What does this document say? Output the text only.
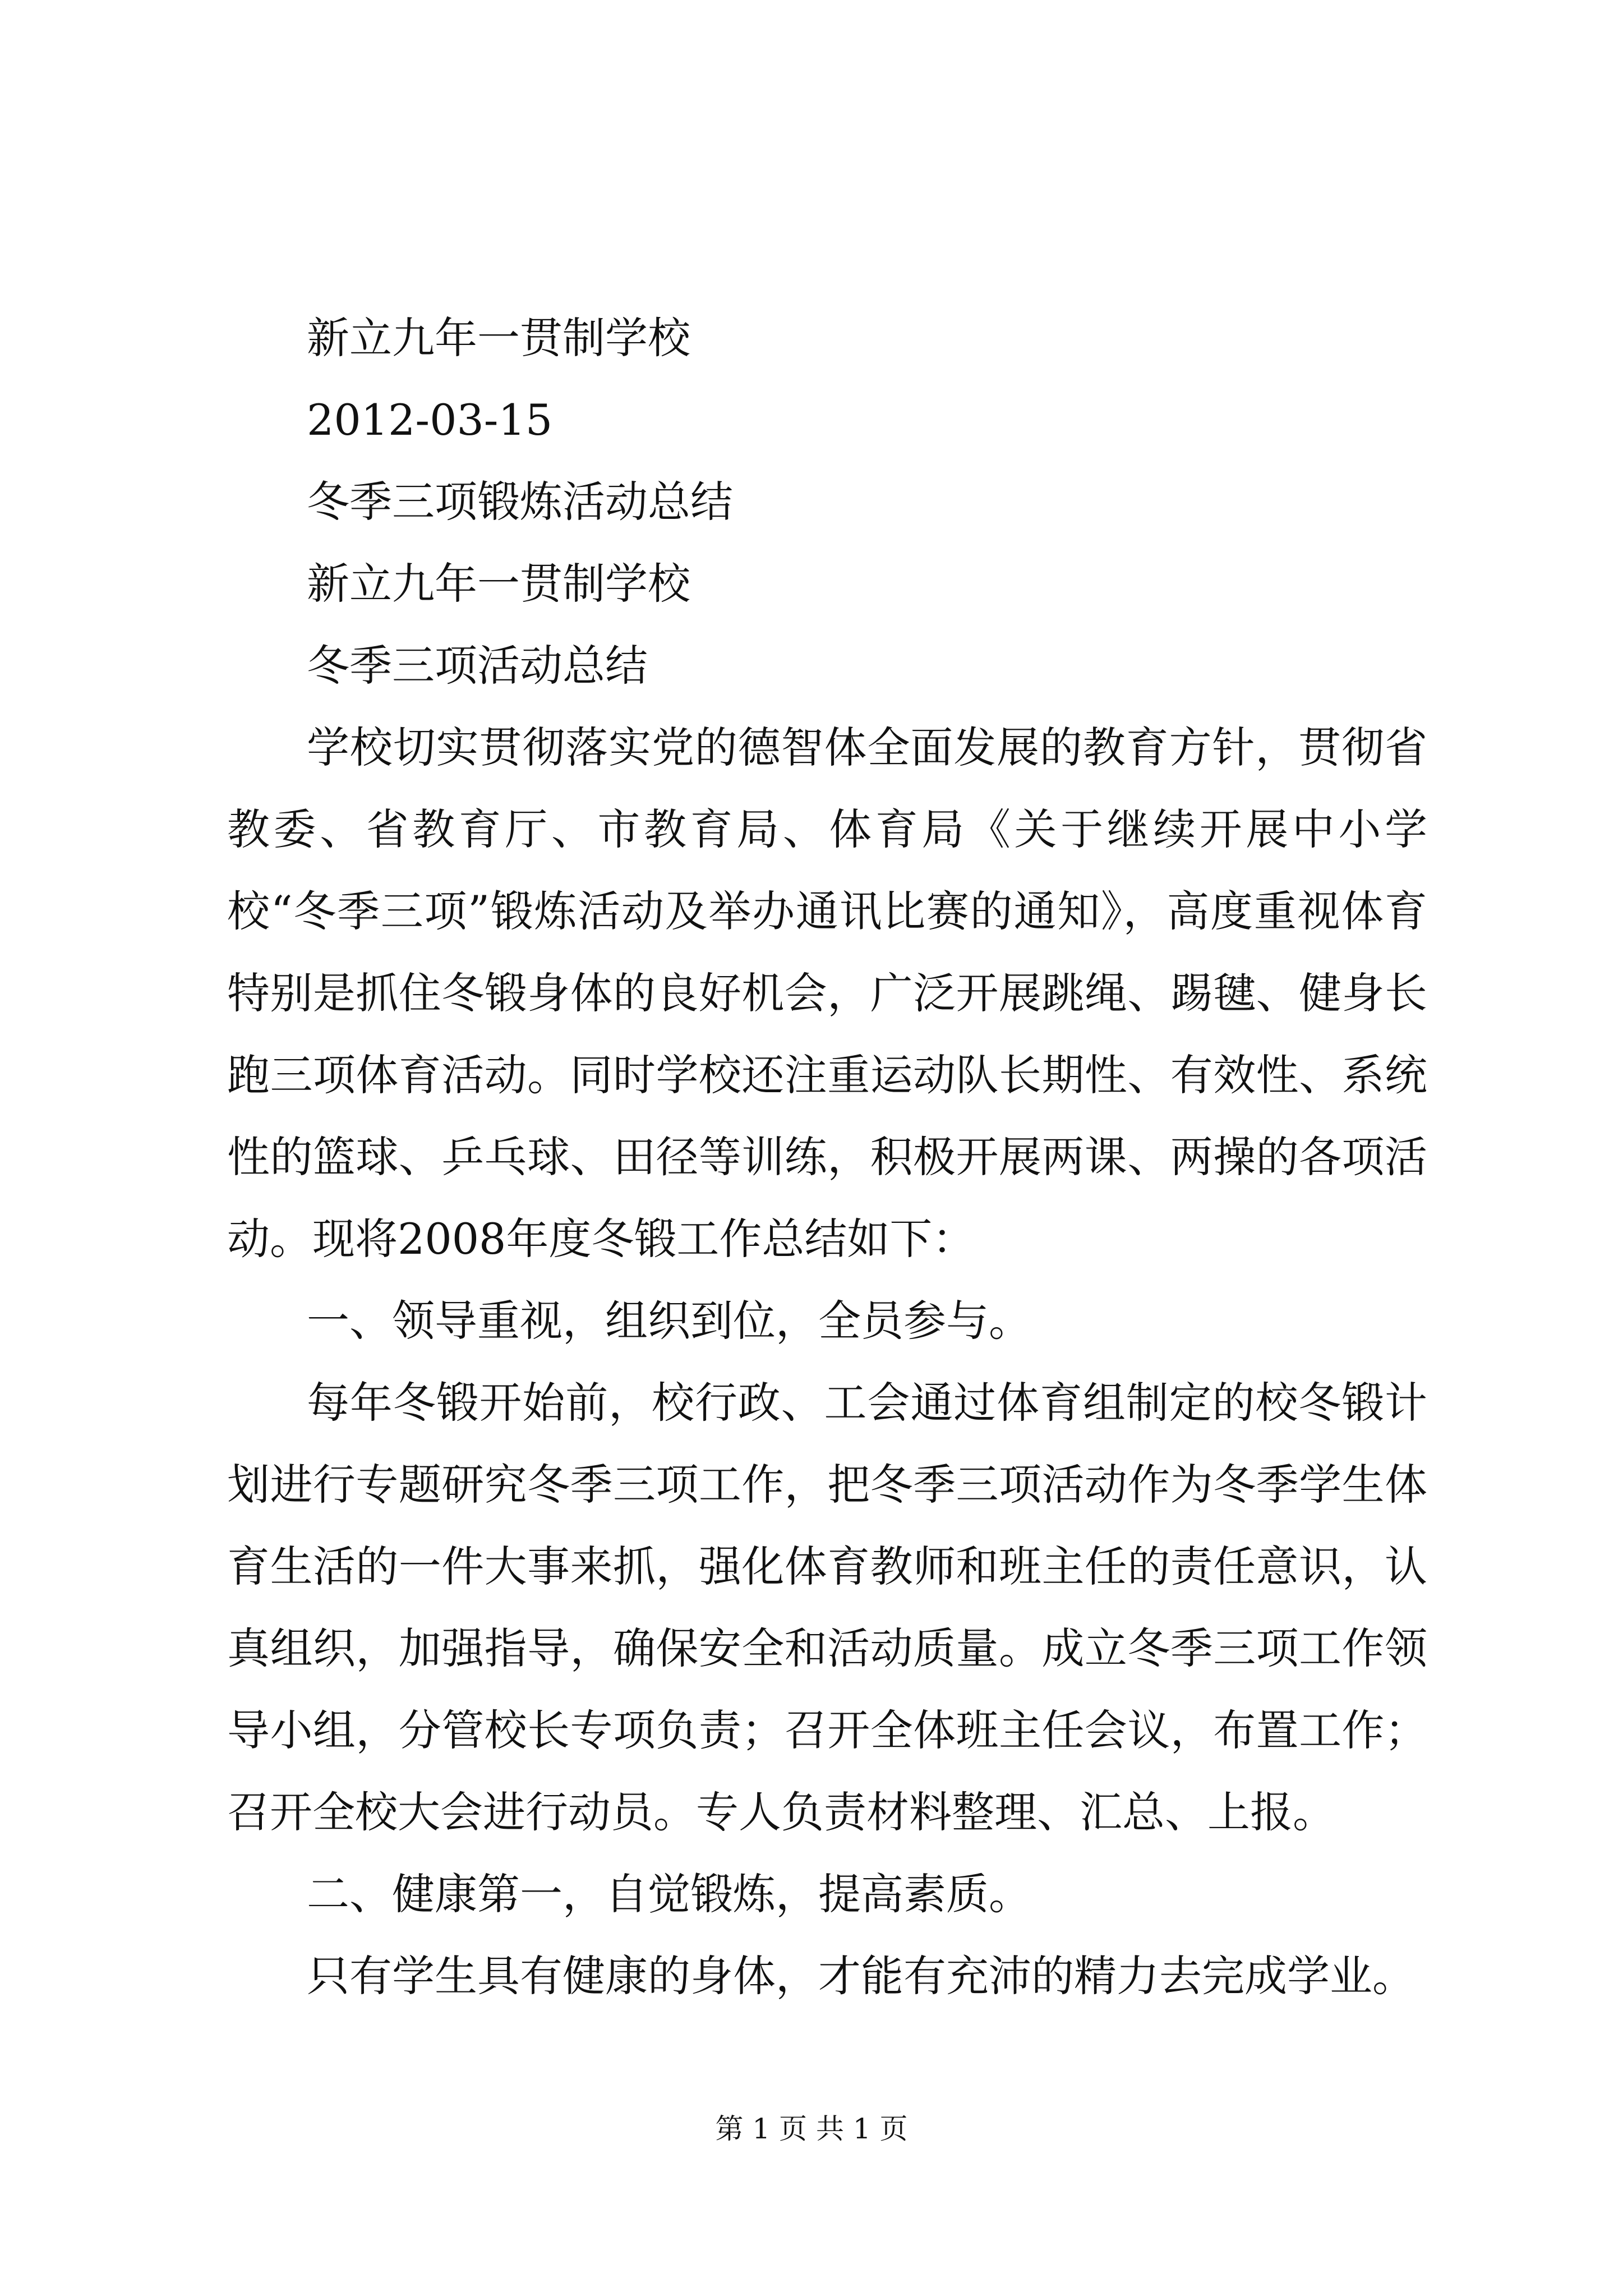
新立九年一贯制学校
2012-03-15
冬季三项锻炼活动总结
新立九年一贯制学校
冬季三项活动总结

学校切实贯彻落实党的德智体全面发展的教育方针，贯彻省教委、省教育厅、市教育局、体育局《关于继续开展中小学校“冬季三项”锻炼活动及举办通讯比赛的通知》，高度重视体育特别是抓住冬锻身体的良好机会，广泛开展跳绳、踢毽、健身长跑三项体育活动。同时学校还注重运动队长期性、有效性、系统性的篮球、乒乓球、田径等训练，积极开展两课、两操的各项活动。现将2008年度冬锻工作总结如下：

一、领导重视，组织到位，全员参与。

每年冬锻开始前，校行政、工会通过体育组制定的校冬锻计划进行专题研究冬季三项工作，把冬季三项活动作为冬季学生体育生活的一件大事来抓，强化体育教师和班主任的责任意识，认真组织，加强指导，确保安全和活动质量。成立冬季三项工作领导小组，分管校长专项负责；召开全体班主任会议，布置工作；召开全校大会进行动员。专人负责材料整理、汇总、上报。

二、健康第一，自觉锻炼，提高素质。

只有学生具有健康的身体，才能有充沛的精力去完成学业。

第 1 页 共 1 页
